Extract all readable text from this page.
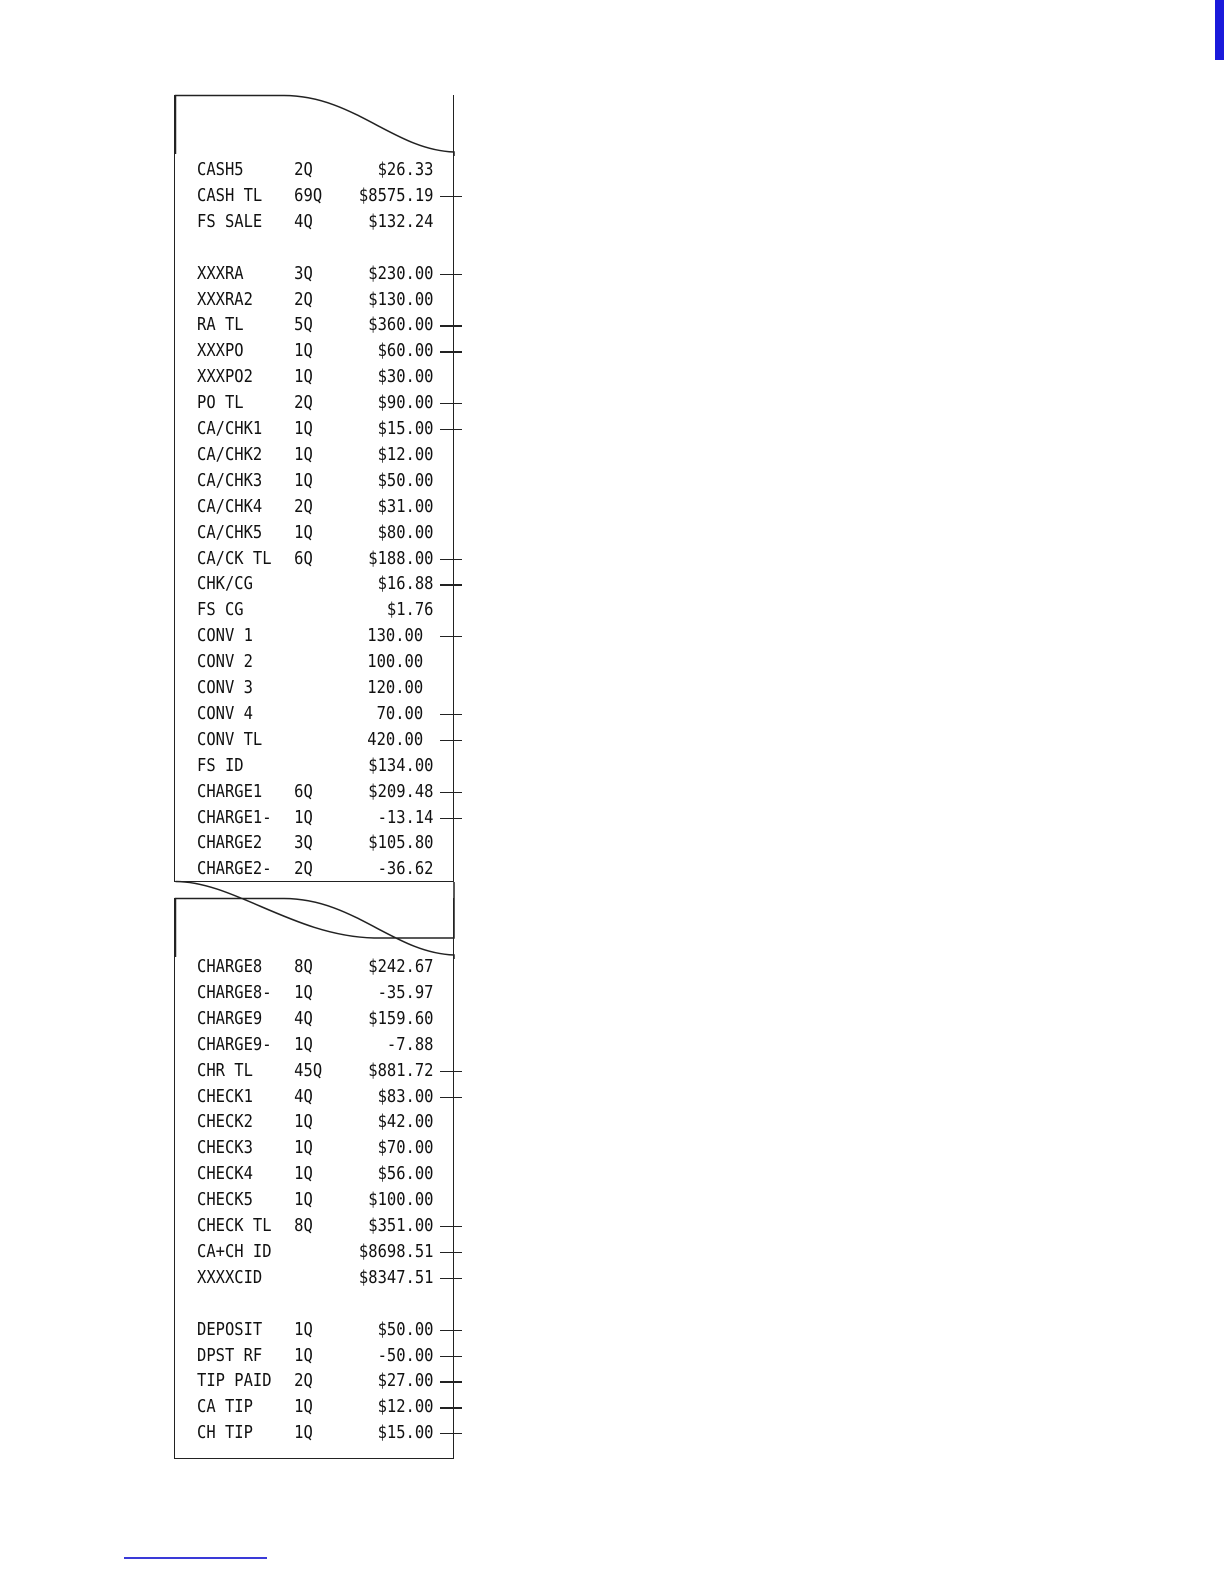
CASH5	2Q	$26.33
CASH TL 69Q $8575.19
FS SALE 4Q	$132.24
XXXRA	3Q	$230.00
XXXRA2 2Q	$130.00
RA TL	5Q	$360.00
XXXPO	1Q	$60.00
XXXPO2 1Q	$30.00
PO TL	2Q	$90.00
CA/CHK1 1Q	$15.00
CA/CHK2 1Q	$12.00
CA/CHK3 1Q	$50.00
CA/CHK4 2Q	$31.00
CA/CHK5 1Q	$80.00
CA/CK TL 6Q	$188.00
CHK/CG	$16.88
FS CG	$1.76
CONV 1	130.00
CONV 2	100.00
CONV 3	120.00
CONV 4	70.00
CONV TL	420.00
FS ID	$134.00
CHARGE1 6Q	$209.48
CHARGE1- 1Q	-13.14
CHARGE2 3Q	$105.80
CHARGE2- 2Q	-36.62
CHARGE8 8Q	$242.67
CHARGE8- 1Q	-35.97
CHARGE9 4Q	$159.60
CHARGE9- 1Q	-7.88
CHR TL 45Q	$881.72
CHECK1 4Q	$83.00
CHECK2 1Q	$42.00
CHECK3 1Q	$70.00
CHECK4 1Q	$56.00
CHECK5 1Q	$100.00
CHECK TL 8Q	$351.00
CA+CH ID	$8698.51
XXXXCID	$8347.51
DEPOSIT 1Q	$50.00
DPST RF 1Q	-50.00
TIP PAID 2Q	$27.00
CA TIP 1Q	$12.00
CH TIP 1Q	$15.00
